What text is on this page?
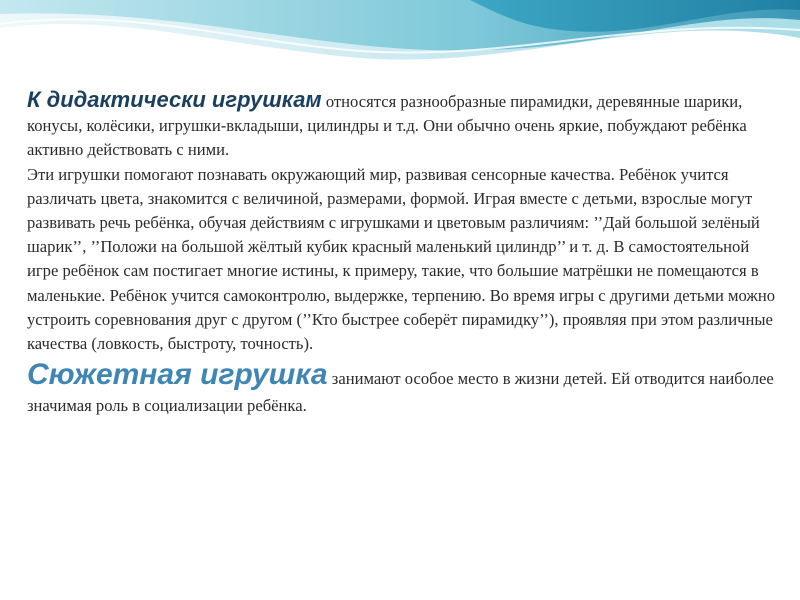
К дидактически игрушкам относятся разнообразные пирамидки, деревянные шарики, конусы, колёсики, игрушки-вкладыши, цилиндры и т.д. Они обычно очень яркие, побуждают ребёнка активно действовать с ними.

Эти игрушки помогают познавать окружающий мир, развивая сенсорные качества. Ребёнок учится различать цвета, знакомится с величиной, размерами, формой. Играя вместе с детьми, взрослые могут развивать речь ребёнка, обучая действиям с игрушками и цветовым различиям: ’’Дай большой зелёный шарик’’, ’’Положи на большой жёлтый кубик красный маленький цилиндр’’ и т. д. В самостоятельной игре ребёнок сам постигает многие истины, к примеру, такие, что большие матрёшки не помещаются в маленькие. Ребёнок учится самоконтролю, выдержке, терпению. Во время игры с другими детьми можно устроить соревнования друг с другом (’’Кто быстрее соберёт пирамидку’’), проявляя при этом различные качества (ловкость, быстроту, точность).

Сюжетная игрушка занимают особое место в жизни детей. Ей отводится наиболее значимая роль в социализации ребёнка.
